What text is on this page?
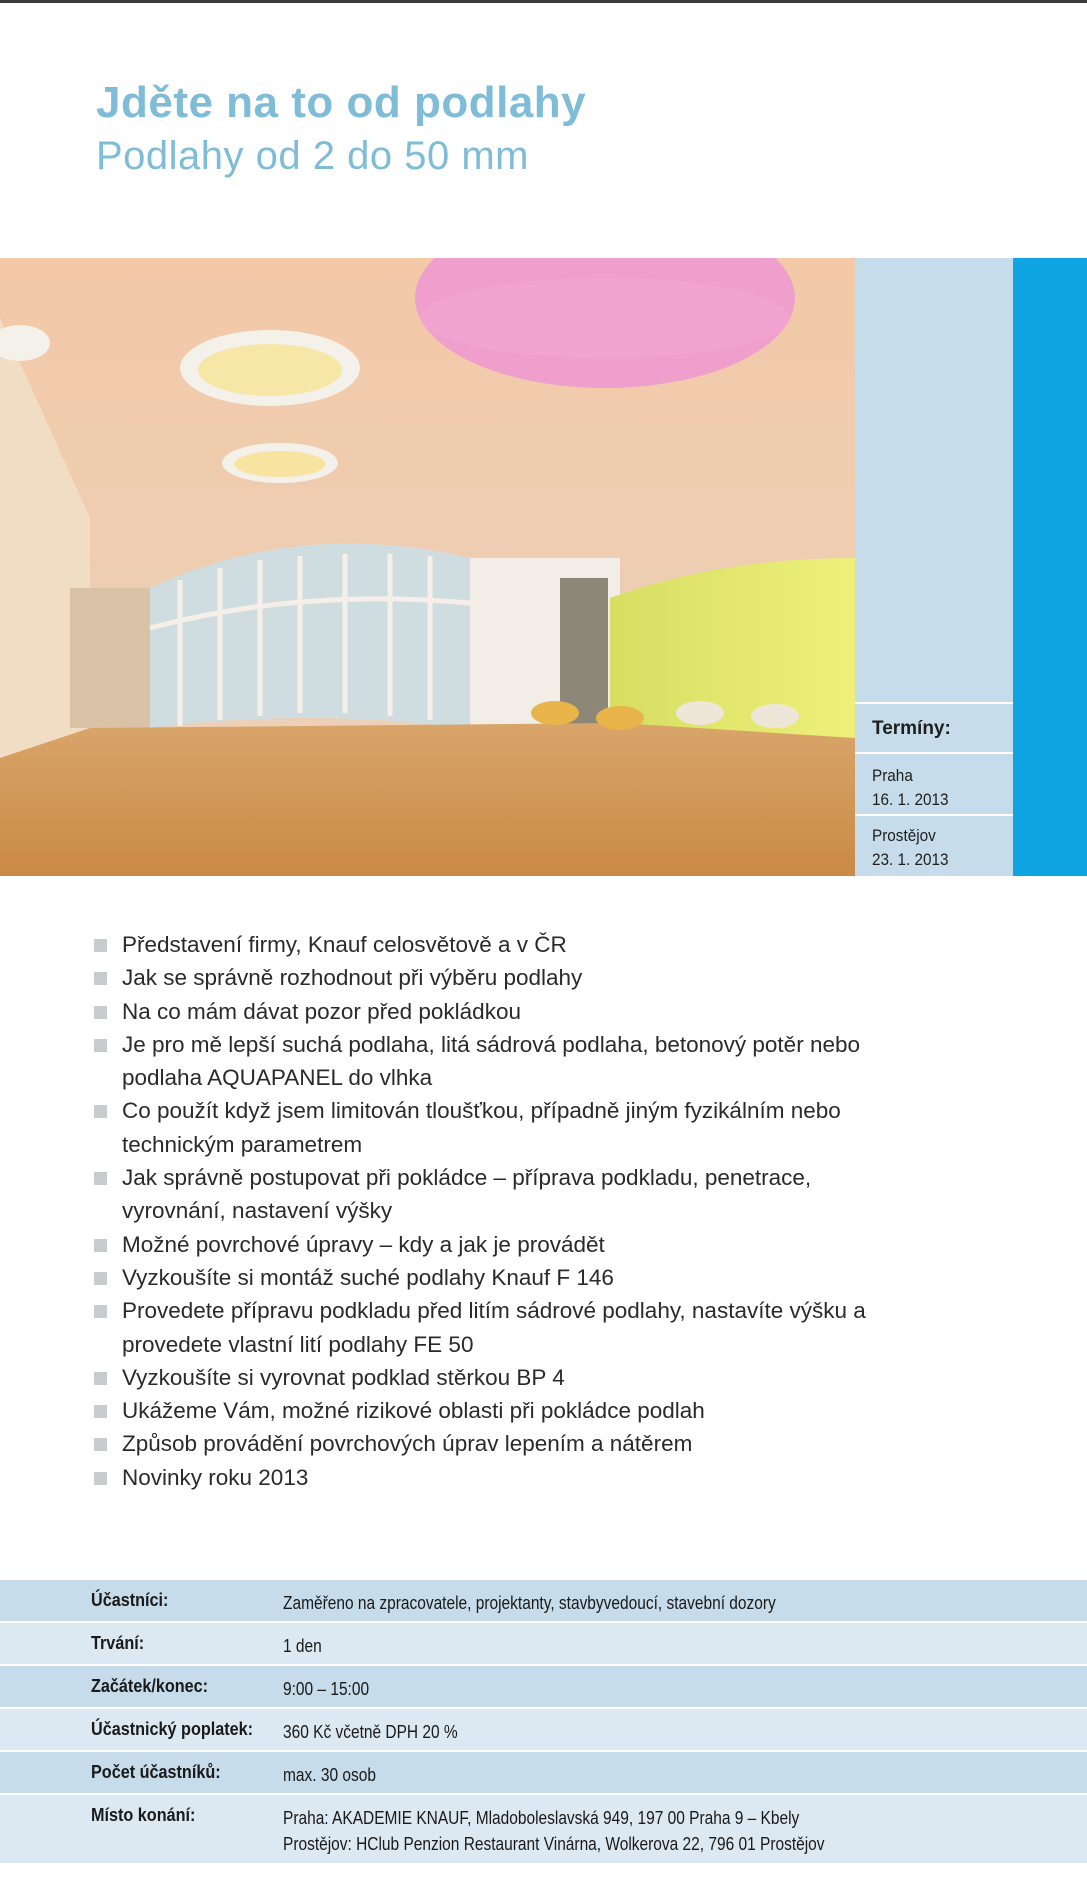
Jděte na to od podlahy
Podlahy od 2 do 50 mm
Termíny:
Praha
16. 1. 2013
Prostějov
23. 1. 2013
Představení firmy, Knauf celosvětově a v ČR
Jak se správně rozhodnout při výběru podlahy
Na co mám dávat pozor před pokládkou
Je pro mě lepší suchá podlaha, litá sádrová podlaha, betonový potěr nebo podlaha AQUAPANEL do vlhka
Co použít když jsem limitován tloušťkou, případně jiným fyzikálním nebo technickým parametrem
Jak správně postupovat při pokládce – příprava podkladu, penetrace, vyrovnání, nastavení výšky
Možné povrchové úpravy – kdy a jak je provádět
Vyzkoušíte si montáž suché podlahy Knauf F 146
Provedete přípravu podkladu před litím sádrové podlahy, nastavíte výšku a provedete vlastní lití podlahy FE 50
Vyzkoušíte si vyrovnat podklad stěrkou BP 4
Ukážeme Vám, možné rizikové oblasti při pokládce podlah
Způsob provádění povrchových úprav lepením a nátěrem
Novinky roku 2013
Účastníci:	Zaměřeno na zpracovatele, projektanty, stavbyvedoucí, stavební dozory
Trvání:	1 den
Začátek/konec:	9:00 – 15:00
Účastnický poplatek: 360 Kč včetně DPH 20 %
Počet účastníků:	max. 30 osob
Místo konání:	Praha: AKADEMIE KNAUF, Mladoboleslavská 949, 197 00 Praha 9 – Kbely
Prostějov: HClub Penzion Restaurant Vinárna, Wolkerova 22, 796 01 Prostějov
